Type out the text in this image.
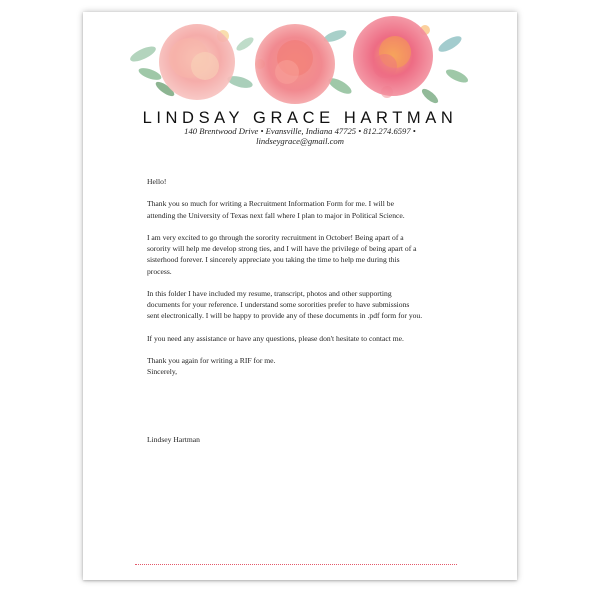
LINDSAY GRACE HARTMAN
140 Brentwood Drive • Evansville, Indiana 47725 • 812.274.6597 •
lindseygrace@gmail.com

Hello!

Thank you so much for writing a Recruitment Information Form for me. I will be
attending the University of Texas next fall where I plan to major in Political Science.

I am very excited to go through the sorority recruitment in October! Being apart of a
sorority will help me develop strong ties, and I will have the privilege of being apart of a
sisterhood forever. I sincerely appreciate you taking the time to help me during this
process.

In this folder I have included my resume, transcript, photos and other supporting
documents for your reference. I understand some sororities prefer to have submissions
sent electronically. I will be happy to provide any of these documents in .pdf form for you.

If you need any assistance or have any questions, please don't hesitate to contact me.

Thank you again for writing a RIF for me.
Sincerely,

Lindsey Hartman
